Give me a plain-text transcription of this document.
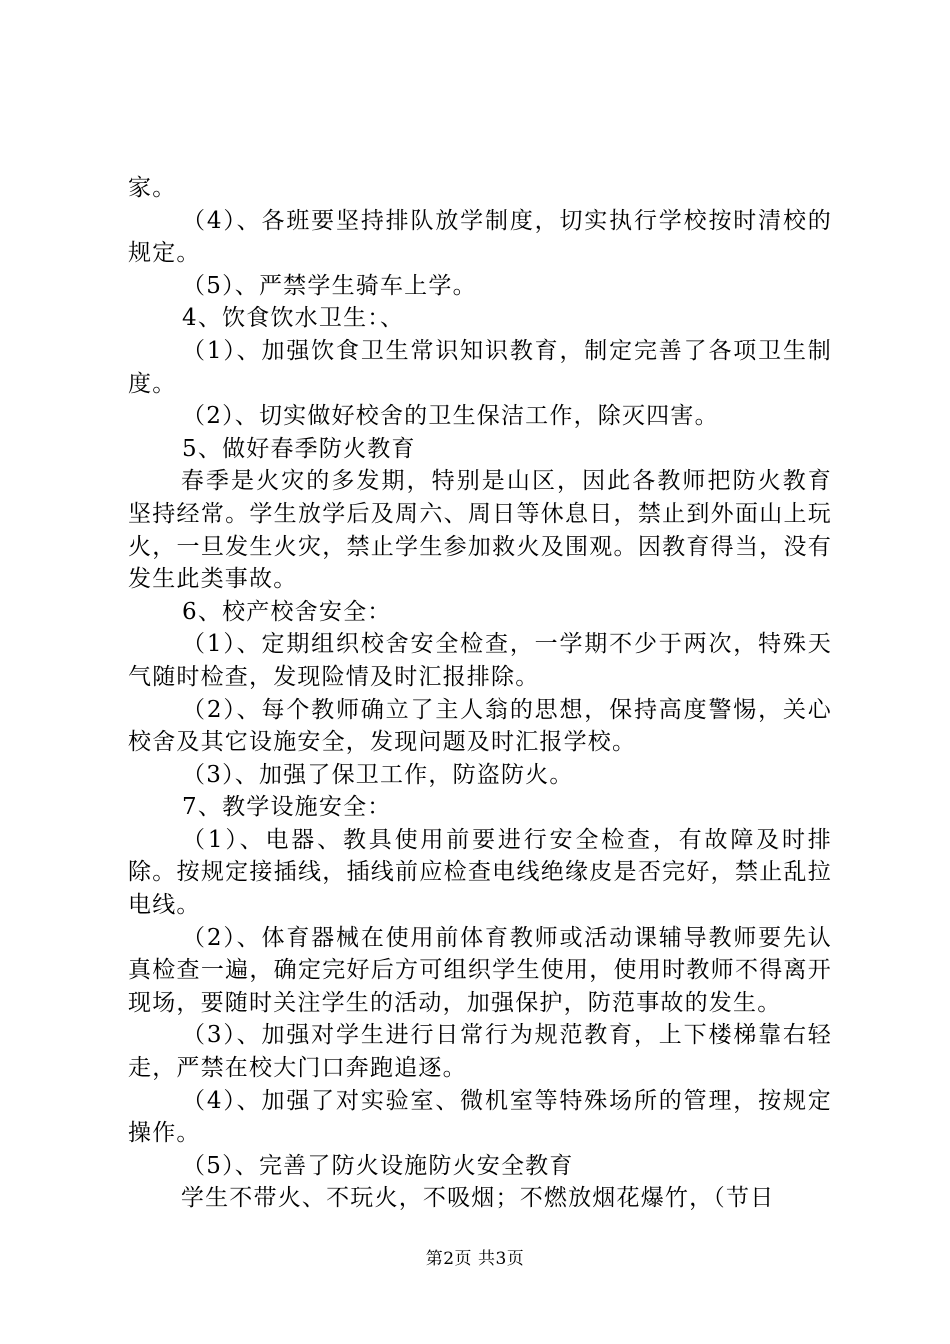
家。

（4）、各班要坚持排队放学制度，切实执行学校按时清校的规定。

（5）、严禁学生骑车上学。

4、饮食饮水卫生：、

（1）、加强饮食卫生常识知识教育，制定完善了各项卫生制度。

（2）、切实做好校舍的卫生保洁工作，除灭四害。

5、做好春季防火教育

春季是火灾的多发期，特别是山区，因此各教师把防火教育坚持经常。学生放学后及周六、周日等休息日，禁止到外面山上玩火，一旦发生火灾，禁止学生参加救火及围观。因教育得当，没有发生此类事故。

6、校产校舍安全：

（1）、定期组织校舍安全检查，一学期不少于两次，特殊天气随时检查，发现险情及时汇报排除。

（2）、每个教师确立了主人翁的思想，保持高度警惕，关心校舍及其它设施安全，发现问题及时汇报学校。

（3）、加强了保卫工作，防盗防火。

7、教学设施安全：

（1）、电器、教具使用前要进行安全检查，有故障及时排除。按规定接插线，插线前应检查电线绝缘皮是否完好，禁止乱拉电线。

（2）、体育器械在使用前体育教师或活动课辅导教师要先认真检查一遍，确定完好后方可组织学生使用，使用时教师不得离开现场，要随时关注学生的活动，加强保护，防范事故的发生。

（3）、加强对学生进行日常行为规范教育，上下楼梯靠右轻走，严禁在校大门口奔跑追逐。

（4）、加强了对实验室、微机室等特殊场所的管理，按规定操作。

（5）、完善了防火设施防火安全教育

学生不带火、不玩火，不吸烟；不燃放烟花爆竹，（节日

第2页 共3页
